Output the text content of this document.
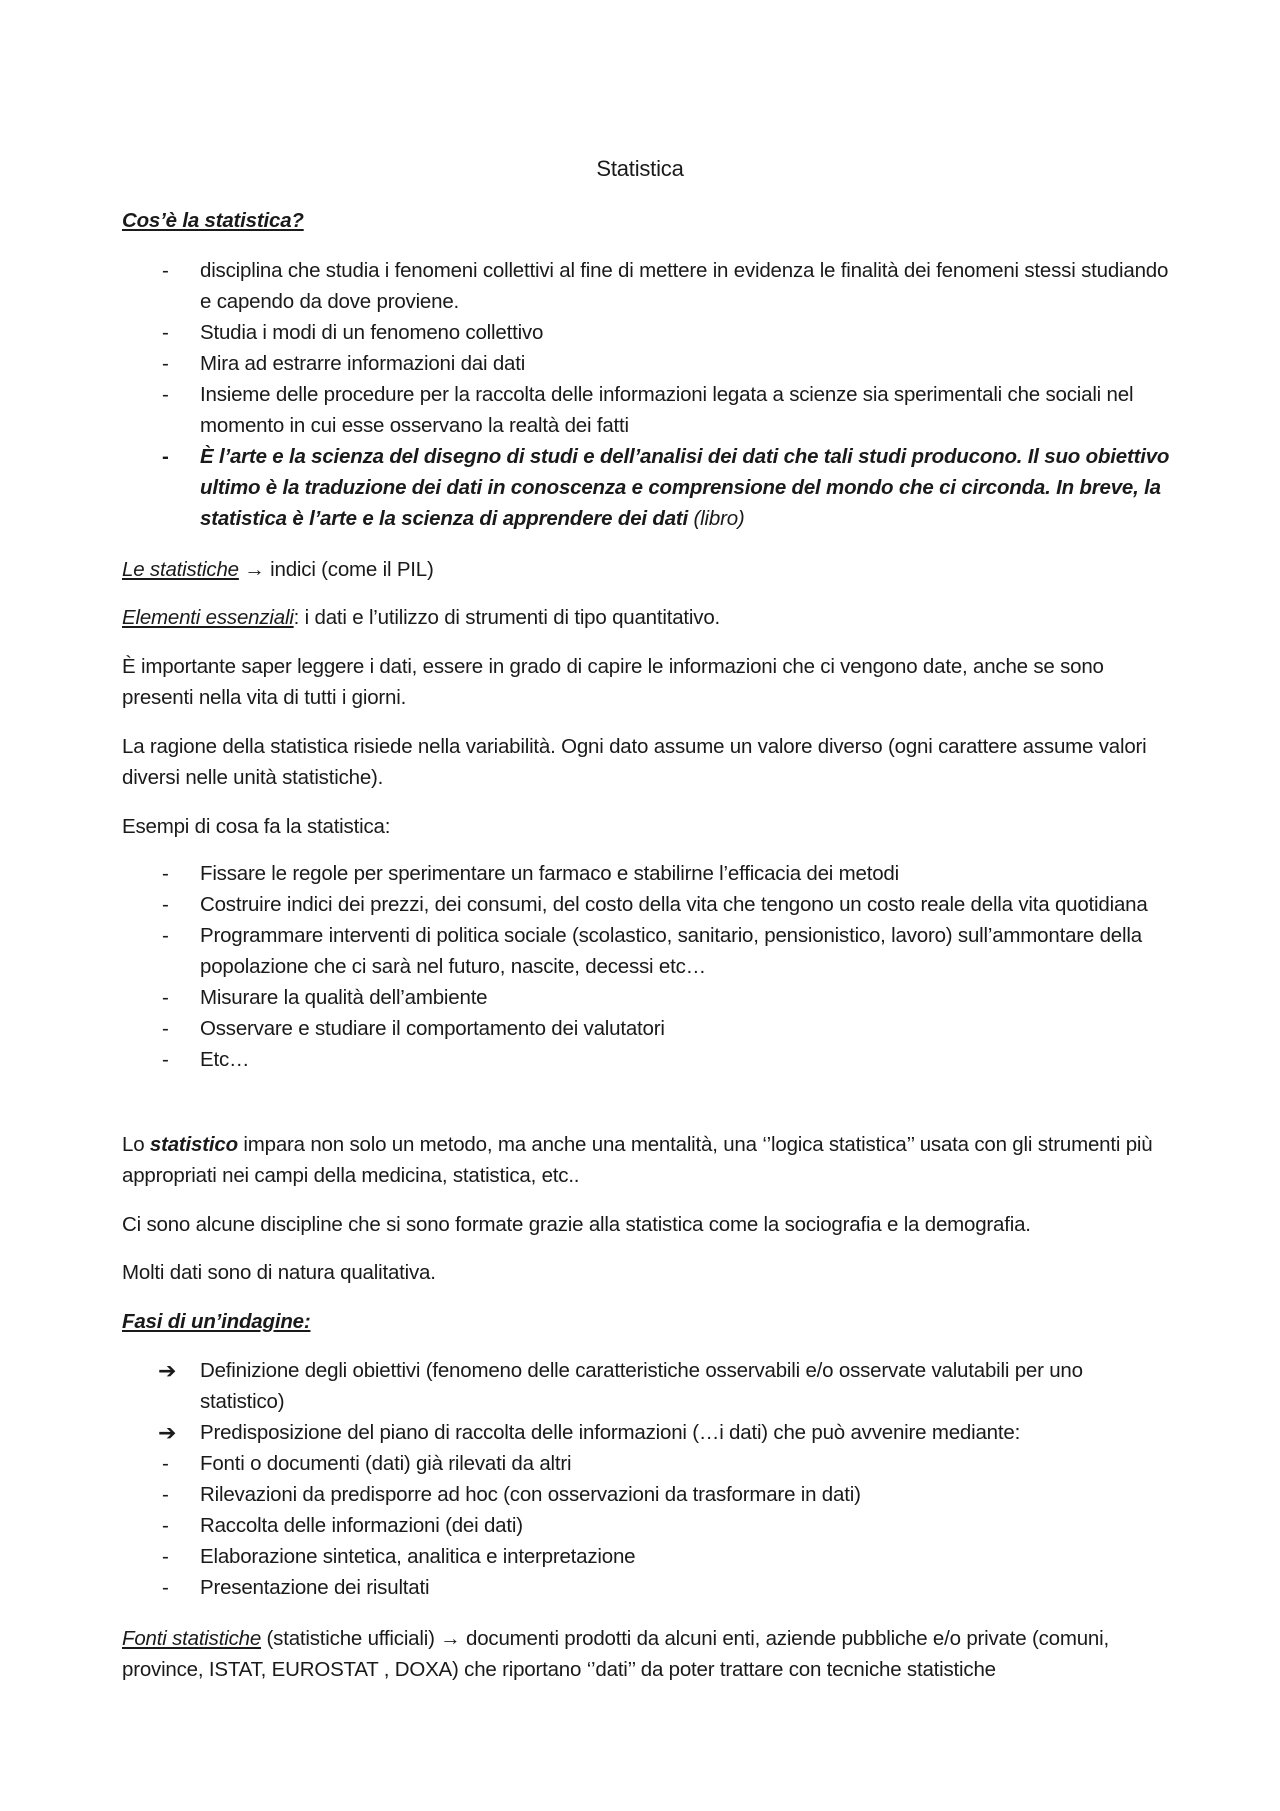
Statistica
Cos’è la statistica?
-	disciplina che studia i fenomeni collettivi al fine di mettere in evidenza le finalità dei fenomeni stessi studiando e capendo da dove proviene.
-	Studia i modi di un fenomeno collettivo
-	Mira ad estrarre informazioni dai dati
-	Insieme delle procedure per la raccolta delle informazioni legata a scienze sia sperimentali che sociali nel momento in cui esse osservano la realtà dei fatti
-	È l’arte e la scienza del disegno di studi e dell’analisi dei dati che tali studi producono. Il suo obiettivo ultimo è la traduzione dei dati in conoscenza e comprensione del mondo che ci circonda. In breve, la statistica è l’arte e la scienza di apprendere dei dati (libro)
Le statistiche → indici (come il PIL)
Elementi essenziali: i dati e l’utilizzo di strumenti di tipo quantitativo.
È importante saper leggere i dati, essere in grado di capire le informazioni che ci vengono date, anche se sono presenti nella vita di tutti i giorni.
La ragione della statistica risiede nella variabilità. Ogni dato assume un valore diverso (ogni carattere assume valori diversi nelle unità statistiche).
Esempi di cosa fa la statistica:
-	Fissare le regole per sperimentare un farmaco e stabilirne l’efficacia dei metodi
-	Costruire indici dei prezzi, dei consumi, del costo della vita che tengono un costo reale della vita quotidiana
-	Programmare interventi di politica sociale (scolastico, sanitario, pensionistico, lavoro) sull’ammontare della popolazione che ci sarà nel futuro, nascite, decessi etc…
-	Misurare la qualità dell’ambiente
-	Osservare e studiare il comportamento dei valutatori
-	Etc…
Lo statistico impara non solo un metodo, ma anche una mentalità, una ‘’logica statistica’’ usata con gli strumenti più appropriati nei campi della medicina, statistica, etc..
Ci sono alcune discipline che si sono formate grazie alla statistica come la sociografia e la demografia.
Molti dati sono di natura qualitativa.
Fasi di un’indagine:
➔ Definizione degli obiettivi (fenomeno delle caratteristiche osservabili e/o osservate valutabili per uno statistico)
➔ Predisposizione del piano di raccolta delle informazioni (…i dati) che può avvenire mediante:
-	Fonti o documenti (dati) già rilevati da altri
-	Rilevazioni da predisporre ad hoc (con osservazioni da trasformare in dati)
-	Raccolta delle informazioni (dei dati)
-	Elaborazione sintetica, analitica e interpretazione
-	Presentazione dei risultati
Fonti statistiche (statistiche ufficiali) → documenti prodotti da alcuni enti, aziende pubbliche e/o private (comuni, province, ISTAT, EUROSTAT , DOXA) che riportano ‘’dati’’ da poter trattare con tecniche statistiche
